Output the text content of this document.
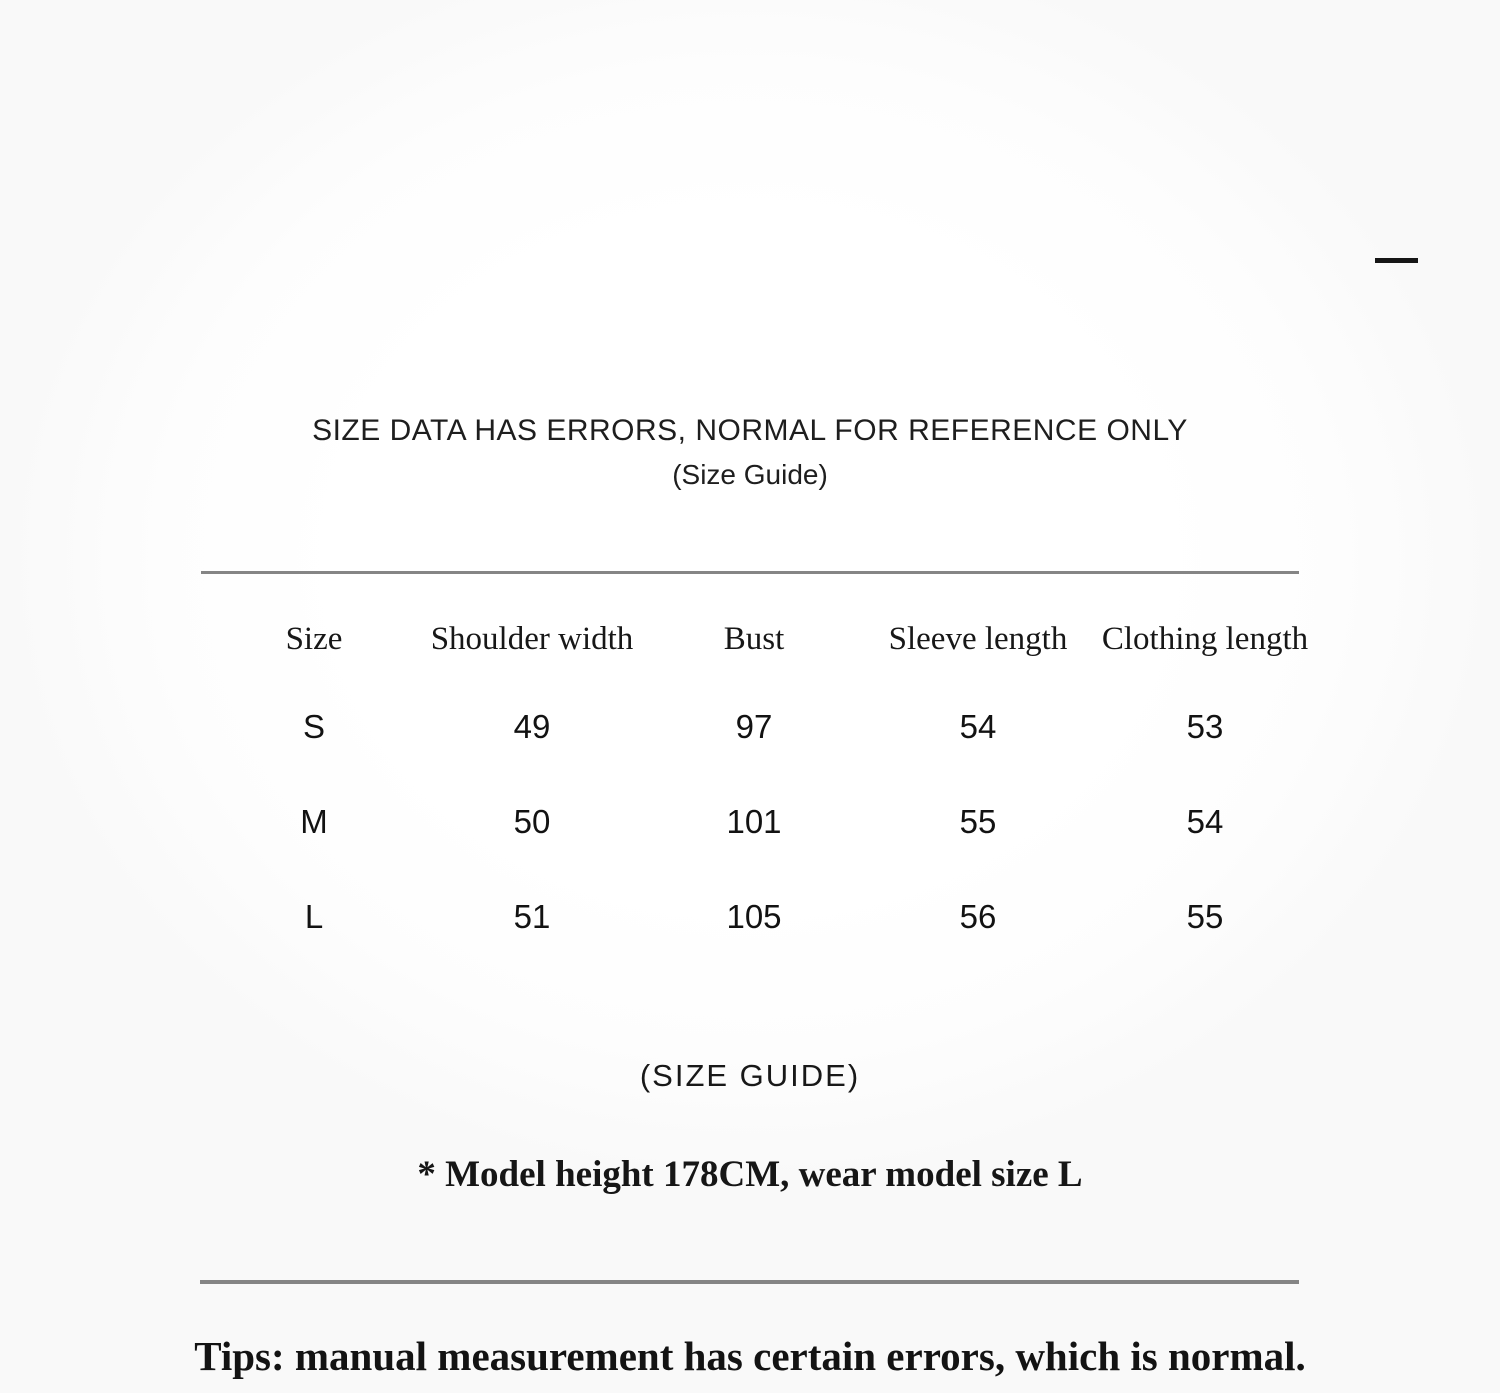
SIZE DATA HAS ERRORS, NORMAL FOR REFERENCE ONLY
(Size Guide)
Size	Shoulder width	Bust	Sleeve length	Clothing length
S	49	97	54	53
M	50	101	55	54
L	51	105	56	55
(SIZE GUIDE)
* Model height 178CM, wear model size L
Tips: manual measurement has certain errors, which is normal.
